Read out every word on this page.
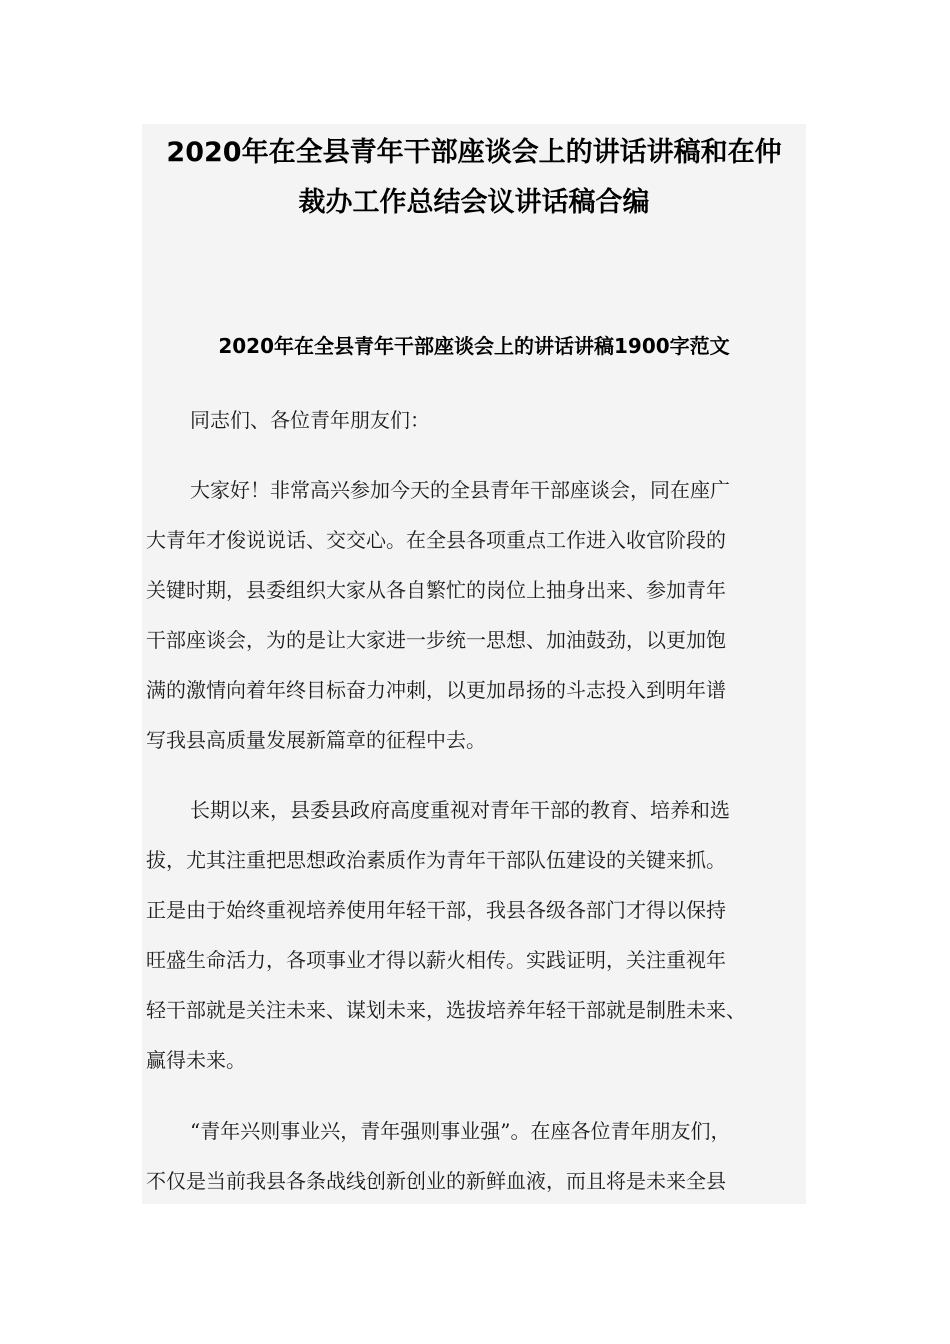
2020年在全县青年干部座谈会上的讲话讲稿和在仲
裁办工作总结会议讲话稿合编
2020年在全县青年干部座谈会上的讲话讲稿1900字范文
同志们、各位青年朋友们：
大家好！非常高兴参加今天的全县青年干部座谈会，同在座广
大青年才俊说说话、交交心。在全县各项重点工作进入收官阶段的
关键时期，县委组织大家从各自繁忙的岗位上抽身出来、参加青年
干部座谈会，为的是让大家进一步统一思想、加油鼓劲，以更加饱
满的激情向着年终目标奋力冲刺，以更加昂扬的斗志投入到明年谱
写我县高质量发展新篇章的征程中去。
长期以来，县委县政府高度重视对青年干部的教育、培养和选
拔，尤其注重把思想政治素质作为青年干部队伍建设的关键来抓。
正是由于始终重视培养使用年轻干部，我县各级各部门才得以保持
旺盛生命活力，各项事业才得以薪火相传。实践证明，关注重视年
轻干部就是关注未来、谋划未来，选拔培养年轻干部就是制胜未来、
赢得未来。
“青年兴则事业兴，青年强则事业强”。在座各位青年朋友们，
不仅是当前我县各条战线创新创业的新鲜血液，而且将是未来全县
